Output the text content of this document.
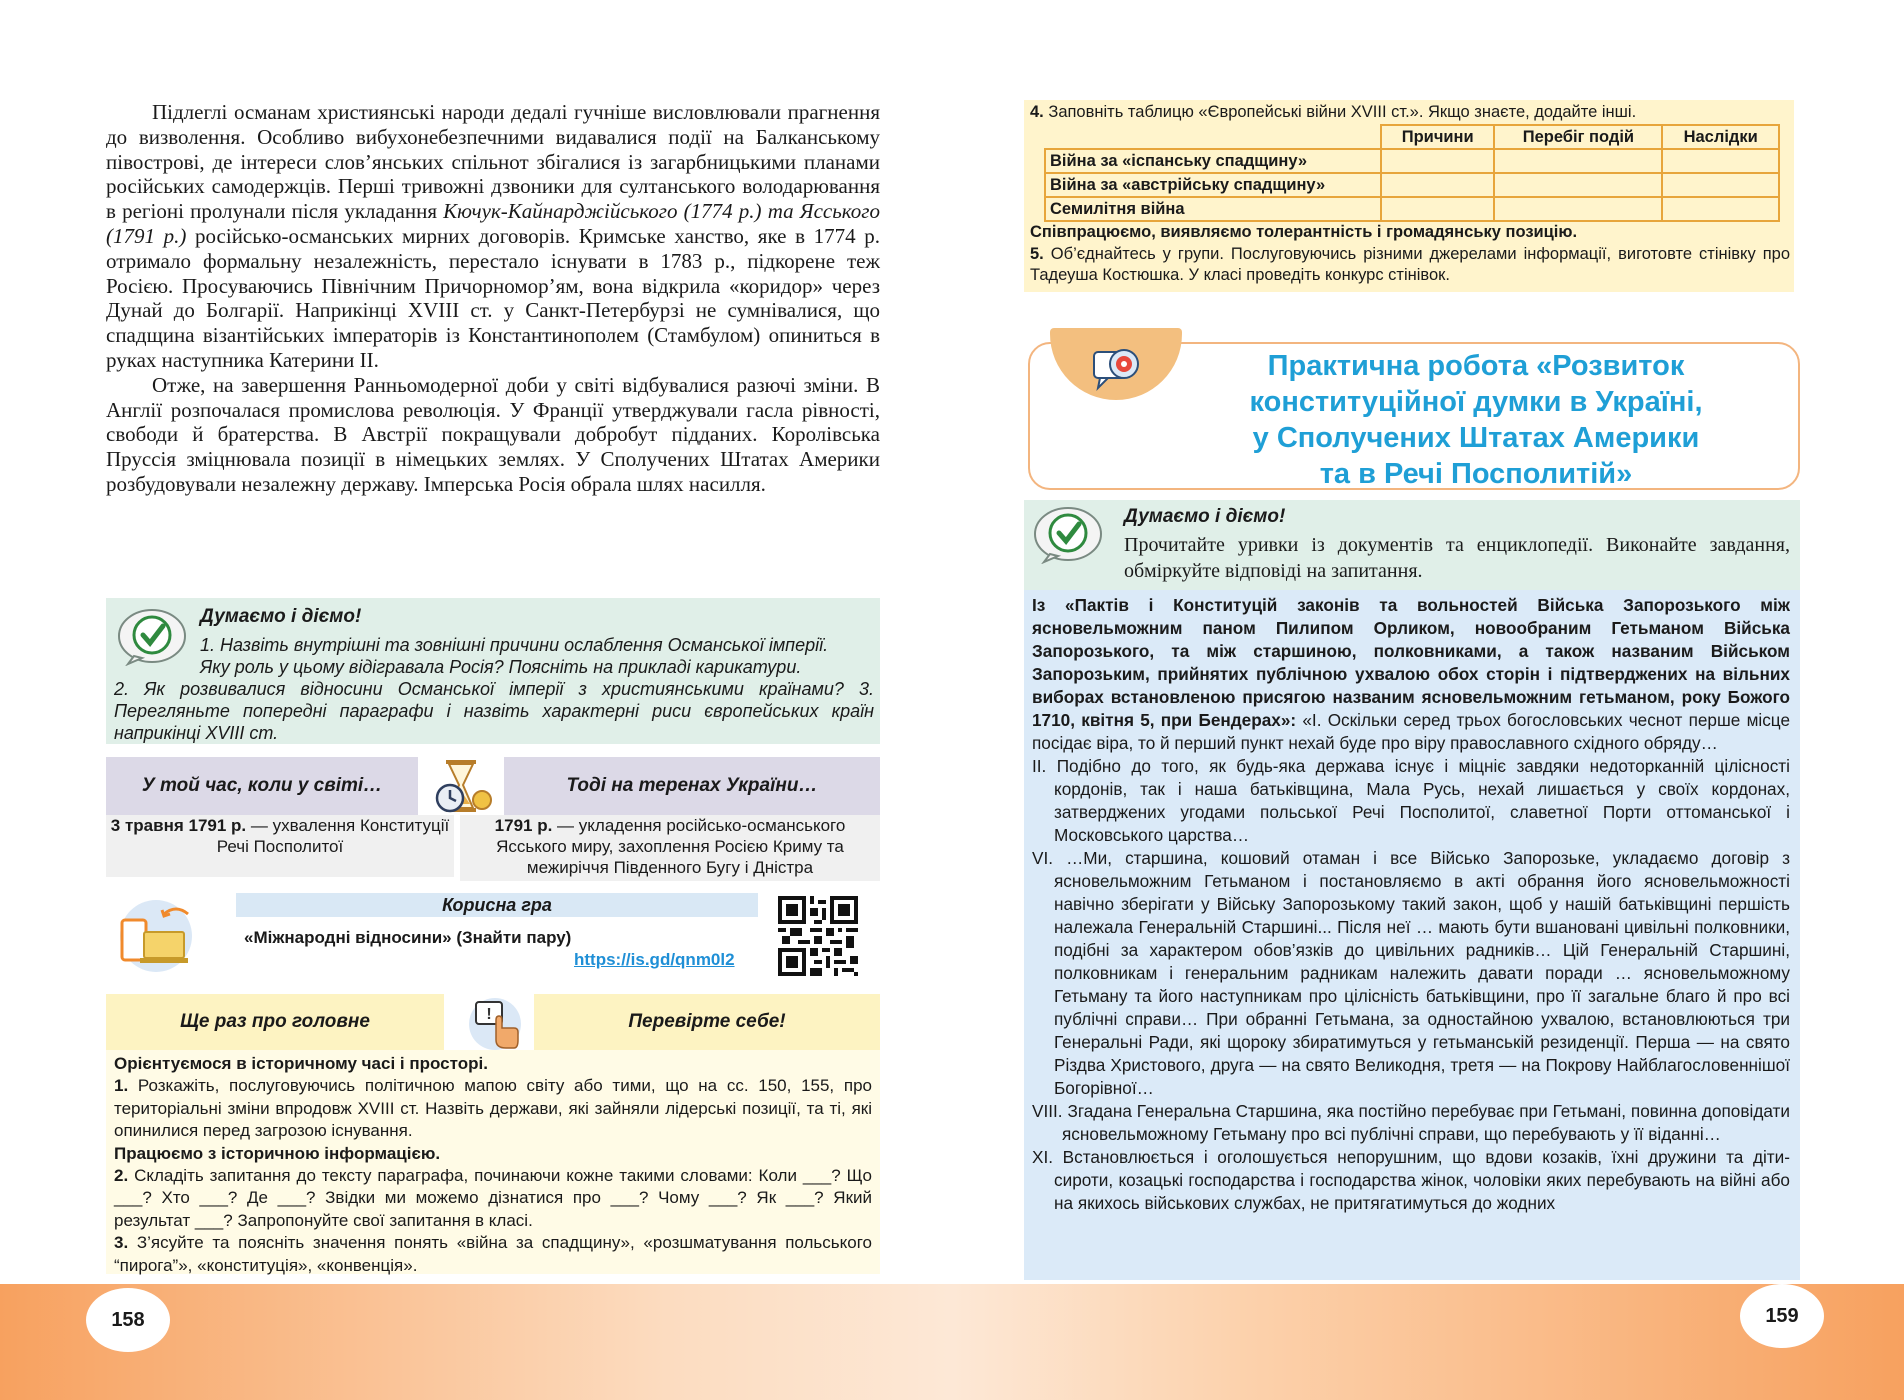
158	159

Підлеглі османам християнські народи дедалі гучніше висловлювали прагнення до визволення. Особливо вибухонебезпечними видавалися події на Балканському півострові, де інтереси слов’янських спільнот збігалися із загарбницькими планами російських самодержців. Перші тривожні дзвоники для султанського володарювання в регіоні пролунали після укладання Кючук-Кайнарджійського (1774 р.) та Ясського (1791 р.) російсько-османських мирних договорів. Кримське ханство, яке в 1774 р. отримало формальну незалежність, перестало існувати в 1783 р., підкорене теж Росією. Просуваючись Північним Причорномор’ям, вона відкрила «коридор» через Дунай до Болгарії. Наприкінці XVIII ст. у Санкт-Петербурзі не сумнівалися, що спадщина візантійських імператорів із Константинополем (Стамбулом) опиниться в руках наступника Катерини II.

Отже, на завершення Ранньомодерної доби у світі відбувалися разючі зміни. В Англії розпочалася промислова революція. У Франції утверджували гасла рівності, свободи й братерства. В Австрії покращували добробут підданих. Королівська Пруссія зміцнювала позиції в німецьких землях. У Сполучених Штатах Америки розбудовували незалежну державу. Імперська Росія обрала шлях насилля.

Думаємо і діємо!
1. Назвіть внутрішні та зовнішні причини ослаблення Османської імперії.
Яку роль у цьому відігравала Росія? Поясніть на прикладі карикатури.
2. Як розвивалися відносини Османської імперії з християнськими країнами? 3. Перегляньте попередні параграфи і назвіть характерні риси європейських країн наприкінці XVIII ст.
У той час, коли у світі…	Тоді на теренах України…
3 травня 1791 р. — ухвалення Конституції Речі Посполитої
1791 р. — укладення російсько-османського Ясського миру, захоплення Росією Криму та межиріччя Південного Бугу і Дністра
Корисна гра
«Міжнародні відносини» (Знайти пару)
https://is.gd/qnm0l2
Ще раз про головне	Перевірте себе!
!

Орієнтуємося в історичному часі і просторі.

1. Розкажіть, послуговуючись політичною мапою світу або тими, що на сс. 150, 155, про територіальні зміни впродовж XVIII ст. Назвіть держави, які зайняли лідерські позиції, та ті, які опинилися перед загрозою існування.

Працюємо з історичною інформацією.

2. Складіть запитання до тексту параграфа, починаючи кожне такими словами: Коли ___? Що ___? Хто ___? Де ___? Звідки ми можемо дізнатися про ___? Чому ___? Як ___? Який результат ___? Запропонуйте свої запитання в класі.

3. З’ясуйте та поясніть значення понять «війна за спадщину», «розшматування польського “пирога”», «конституція», «конвенція».

4. Заповніть таблицю «Європейські війни XVIII ст.». Якщо знаєте, додайте інші.
	Причини	Перебіг подій	Наслідки
Війна за «іспанську спадщину»			
Війна за «австрійську спадщину»			
Семилітня війна			
Співпрацюємо, виявляємо толерантність і громадянську позицію.
5. Об’єднайтесь у групи. Послуговуючись різними джерелами інформації, виготовте стінівку про Тадеуша Костюшка. У класі проведіть конкурс стінівок.
Практична робота «Розвиток
конституційної думки в Україні,
у Сполучених Штатах Америки
та в Речі Посполитій»
Думаємо і діємо!
Прочитайте уривки із документів та енциклопедії. Виконайте завдання, обміркуйте відповіді на запитання.

Із «Пактів і Конституцій законів та вольностей Війська Запорозького між ясновельможним паном Пилипом Орликом, новообраним Гетьманом Війська Запорозького, та між старшиною, полковниками, а також названим Військом Запорозьким, прийнятих публічною ухвалою обох сторін і підтверджених на вільних виборах встановленою присягою названим ясновельможним гетьманом, року Божого 1710, квітня 5, при Бендерах»: «I. Оскільки серед трьох богословських чеснот перше місце посідає віра, то й перший пункт нехай буде про віру православного східного обряду…

II. Подібно до того, як будь-яка держава існує і міцніє завдяки недоторканній цілісності кордонів, так і наша батьківщина, Мала Русь, нехай лишається у своїх кордонах, затверджених угодами польської Речі Посполитої, славетної Порти оттоманської і Московського царства…

VI. …Ми, старшина, кошовий отаман і все Військо Запорозьке, укладаємо договір з ясновельможним Гетьманом і постановляємо в акті обрання його ясновельможності навічно зберігати у Війську Запорозькому такий закон, щоб у нашій батьківщині першість належала Генеральній Старшині... Після неї … мають бути вшановані цивільні полковники, подібні за характером обов’язків до цивільних радників… Цій Генеральній Старшині, полковникам і генеральним радникам належить давати поради … ясновельможному Гетьману та його наступникам про цілісність батьківщини, про її загальне благо й про всі публічні справи… При обранні Гетьмана, за одностайною ухвалою, встановлюються три Генеральні Ради, які щороку збиратимуться у гетьманській резиденції. Перша — на свято Різдва Христового, друга — на свято Великодня, третя — на Покрову Найблагословеннішої Богорівної…

VIII. Згадана Генеральна Старшина, яка постійно перебуває при Гетьмані, повинна доповідати ясновельможному Гетьману про всі публічні справи, що перебувають у її віданні…

XI. Встановлюється і оголошується непорушним, що вдови козаків, їхні дружини та діти-сироти, козацькі господарства і господарства жінок, чоловіки яких перебувають на війні або на якихось військових службах, не притягатимуться до жодних
